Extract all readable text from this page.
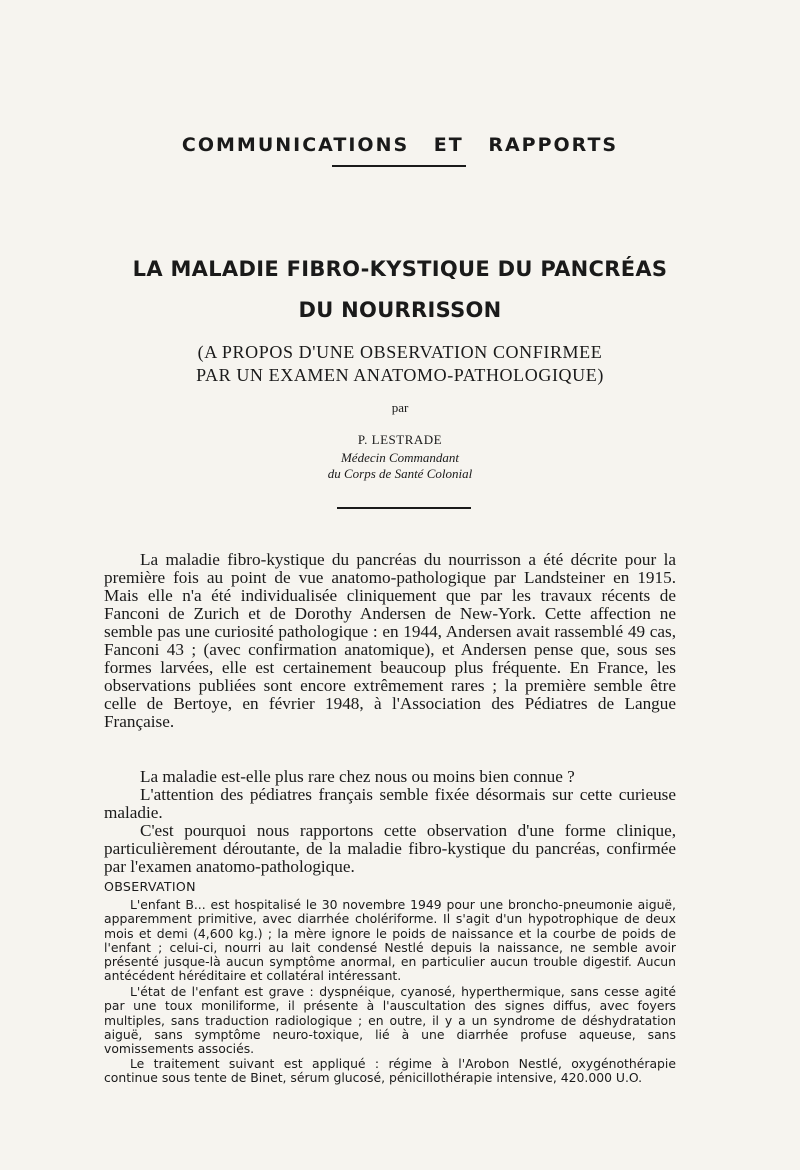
COMMUNICATIONS ET RAPPORTS
LA MALADIE FIBRO-KYSTIQUE DU PANCRÉAS
DU NOURRISSON
(A PROPOS D'UNE OBSERVATION CONFIRMEE
PAR UN EXAMEN ANATOMO-PATHOLOGIQUE)
par
P. LESTRADE
Médecin Commandant
du Corps de Santé Colonial

La maladie fibro-kystique du pancréas du nourrisson a été décrite pour la première fois au point de vue anatomo-pathologique par Landsteiner en 1915. Mais elle n'a été individualisée cliniquement que par les travaux récents de Fanconi de Zurich et de Dorothy Andersen de New-York. Cette affection ne semble pas une curiosité pathologique : en 1944, Andersen avait rassemblé 49 cas, Fanconi 43 ; (avec confirmation anatomique), et Andersen pense que, sous ses formes larvées, elle est certainement beaucoup plus fréquente. En France, les observations publiées sont encore extrêmement rares ; la première semble être celle de Bertoye, en février 1948, à l'Association des Pédiatres de Langue Française.

La maladie est-elle plus rare chez nous ou moins bien connue ?

L'attention des pédiatres français semble fixée désormais sur cette curieuse maladie.

C'est pourquoi nous rapportons cette observation d'une forme clinique, particulièrement déroutante, de la maladie fibro-kystique du pancréas, confirmée par l'examen anatomo-pathologique.

OBSERVATION

L'enfant B... est hospitalisé le 30 novembre 1949 pour une broncho-pneumonie aiguë, apparemment primitive, avec diarrhée cholériforme. Il s'agit d'un hypotrophique de deux mois et demi (4,600 kg.) ; la mère ignore le poids de naissance et la courbe de poids de l'enfant ; celui-ci, nourri au lait condensé Nestlé depuis la naissance, ne semble avoir présenté jusque-là aucun symptôme anormal, en particulier aucun trouble digestif. Aucun antécédent héréditaire et collatéral intéressant.

L'état de l'enfant est grave : dyspnéique, cyanosé, hyperthermique, sans cesse agité par une toux moniliforme, il présente à l'auscultation des signes diffus, avec foyers multiples, sans traduction radiologique ; en outre, il y a un syndrome de déshydratation aiguë, sans symptôme neuro-toxique, lié à une diarrhée profuse aqueuse, sans vomissements associés.

Le traitement suivant est appliqué : régime à l'Arobon Nestlé, oxygénothérapie continue sous tente de Binet, sérum glucosé, pénicillothérapie intensive, 420.000 U.O.
